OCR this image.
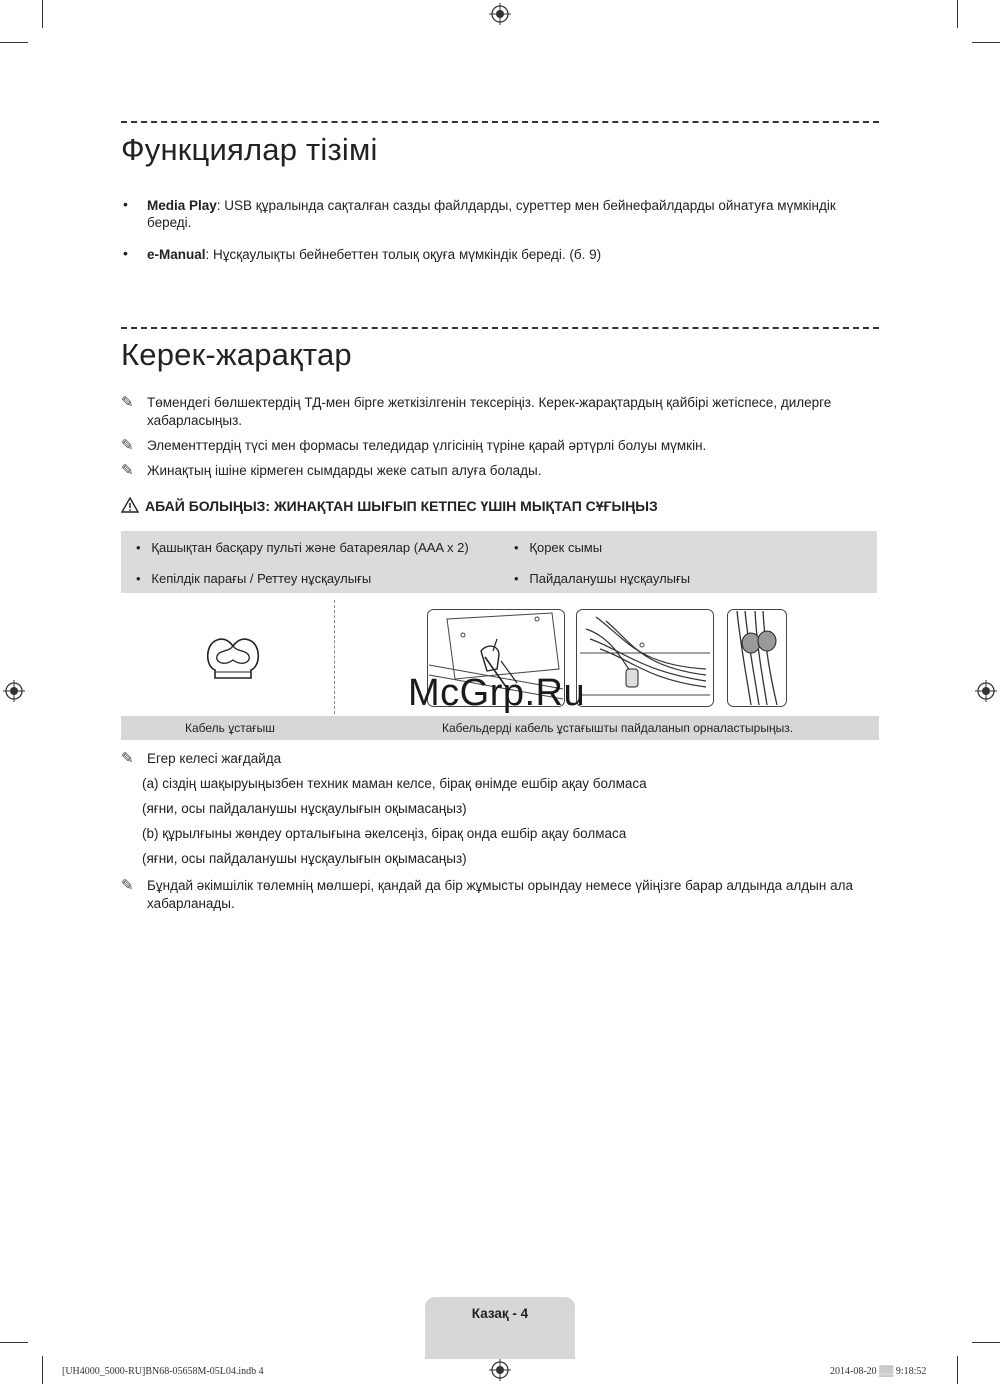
Функциялар тізімі
• Media Play: USB құралында сақталған сазды файлдарды, суреттер мен бейнефайлдарды ойнатуға мүмкіндік береді.
• e-Manual: Нұсқаулықты бейнебеттен толық оқуға мүмкіндік береді. (б. 9)
Керек-жарақтар
✎ Төмендегі бөлшектердің ТД-мен бірге жеткізілгенін тексеріңіз. Керек-жарақтардың қайбірі жетіспесе, дилерге хабарласыңыз.
✎ Элементтердің түсі мен формасы теледидар үлгісінің түріне қарай әртүрлі болуы мүмкін.
✎ Жинақтың ішіне кірмеген сымдарды жеке сатып алуға болады.
АБАЙ БОЛЫҢЫЗ: ЖИНАҚТАН ШЫҒЫП КЕТПЕС ҮШІН МЫҚТАП СҰҒЫҢЫЗ
•   Қашықтан басқару пульті және батареялар (AAA x 2)	•   Қорек сымы
•   Кепілдік парағы / Реттеу нұсқаулығы	•   Пайдаланушы нұсқаулығы
McGrp.Ru
Кабель ұстағыш	Кабельдерді кабель ұстағышты пайдаланып орналастырыңыз.
✎ Егер келесі жағдайда
(a) сіздің шақыруыңызбен техник маман келсе, бірақ өнімде ешбір ақау болмаса
(яғни, осы пайдаланушы нұсқаулығын оқымасаңыз)
(b) құрылғыны жөндеу орталығына әкелсеңіз, бірақ онда ешбір ақау болмаса
(яғни, осы пайдаланушы нұсқаулығын оқымасаңыз)
✎ Бұндай әкімшілік төлемнің мөлшері, қандай да бір жұмысты орындау немесе үйіңізге барар алдында алдын ала хабарланады.
Казақ - 4
[UH4000_5000-RU]BN68-05658M-05L04.indb 4	2014-08-20 ▒▒ 9:18:52
